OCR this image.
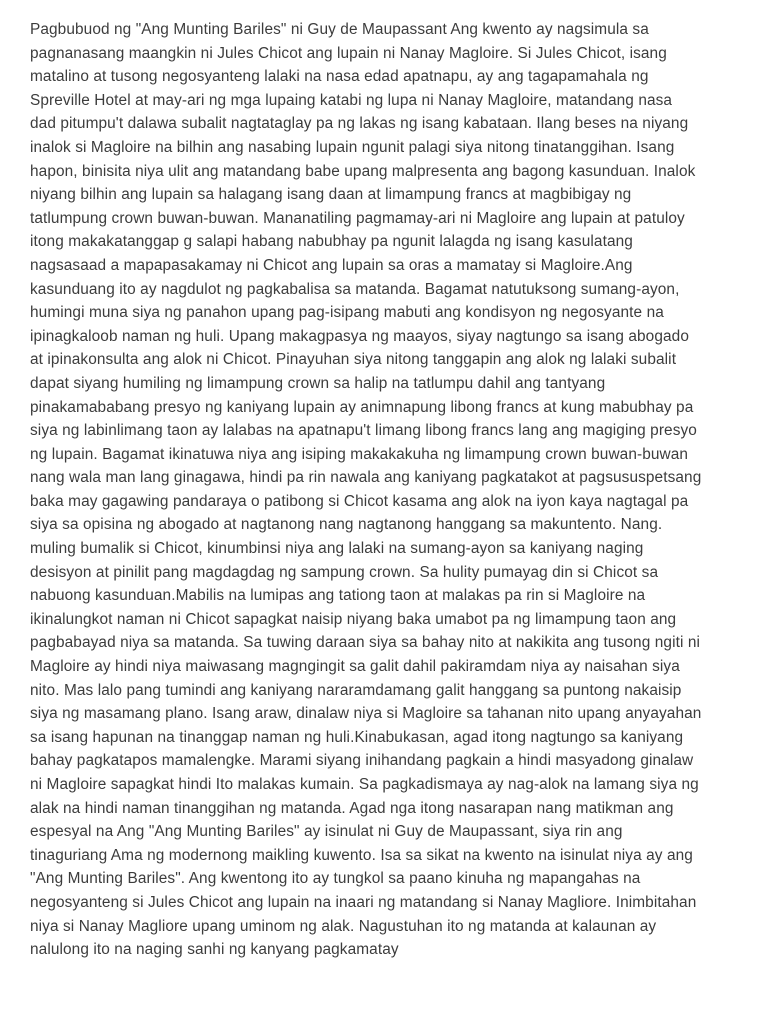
Pagbubuod ng "Ang Munting Bariles" ni Guy de Maupassant Ang kwento ay nagsimula sa
pagnanasang maangkin ni Jules Chicot ang lupain ni Nanay Magloire. Si Jules Chicot, isang
matalino at tusong negosyanteng lalaki na nasa edad apatnapu, ay ang tagapamahala ng
Spreville Hotel at may-ari ng mga lupaing katabi ng lupa ni Nanay Magloire, matandang nasa
dad pitumpu't dalawa subalit nagtataglay pa ng lakas ng isang kabataan. Ilang beses na niyang
inalok si Magloire na bilhin ang nasabing lupain ngunit palagi siya nitong tinatanggihan. Isang
hapon, binisita niya ulit ang matandang babe upang malpresenta ang bagong kasunduan. Inalok
niyang bilhin ang lupain sa halagang isang daan at limampung francs at magbibigay ng
tatlumpung crown buwan-buwan. Mananatiling pagmamay-ari ni Magloire ang lupain at patuloy
itong makakatanggap g salapi habang nabubhay pa ngunit lalagda ng isang kasulatang
nagsasaad a mapapasakamay ni Chicot ang lupain sa oras a mamatay si Magloire.Ang
kasunduang ito ay nagdulot ng pagkabalisa sa matanda. Bagamat natutuksong sumang-ayon,
humingi muna siya ng panahon upang pag-isipang mabuti ang kondisyon ng negosyante na
ipinagkaloob naman ng huli. Upang makagpasya ng maayos, siyay nagtungo sa isang abogado
at ipinakonsulta ang alok ni Chicot. Pinayuhan siya nitong tanggapin ang alok ng lalaki subalit
dapat siyang humiling ng limampung crown sa halip na tatlumpu dahil ang tantyang
pinakamababang presyo ng kaniyang lupain ay animnapung libong francs at kung mabubhay pa
siya ng labinlimang taon ay lalabas na apatnapu't limang libong francs lang ang magiging presyo
ng lupain. Bagamat ikinatuwa niya ang isiping makakakuha ng limampung crown buwan-buwan
nang wala man lang ginagawa, hindi pa rin nawala ang kaniyang pagkatakot at pagsususpetsang
baka may gagawing pandaraya o patibong si Chicot kasama ang alok na iyon kaya nagtagal pa
siya sa opisina ng abogado at nagtanong nang nagtanong hanggang sa makuntento. Nang.
muling bumalik si Chicot, kinumbinsi niya ang lalaki na sumang-ayon sa kaniyang naging
desisyon at pinilit pang magdagdag ng sampung crown. Sa hulity pumayag din si Chicot sa
nabuong kasunduan.Mabilis na lumipas ang tationg taon at malakas pa rin si Magloire na
ikinalungkot naman ni Chicot sapagkat naisip niyang baka umabot pa ng limampung taon ang
pagbabayad niya sa matanda. Sa tuwing daraan siya sa bahay nito at nakikita ang tusong ngiti ni
Magloire ay hindi niya maiwasang magngingit sa galit dahil pakiramdam niya ay naisahan siya
nito. Mas lalo pang tumindi ang kaniyang nararamdamang galit hanggang sa puntong nakaisip
siya ng masamang plano. Isang araw, dinalaw niya si Magloire sa tahanan nito upang anyayahan
sa isang hapunan na tinanggap naman ng huli.Kinabukasan, agad itong nagtungo sa kaniyang
bahay pagkatapos mamalengke. Marami siyang inihandang pagkain a hindi masyadong ginalaw
ni Magloire sapagkat hindi Ito malakas kumain. Sa pagkadismaya ay nag-alok na lamang siya ng
alak na hindi naman tinanggihan ng matanda. Agad nga itong nasarapan nang matikman ang
espesyal na Ang "Ang Munting Bariles" ay isinulat ni Guy de Maupassant, siya rin ang
tinaguriang Ama ng modernong maikling kuwento. Isa sa sikat na kwento na isinulat niya ay ang
"Ang Munting Bariles". Ang kwentong ito ay tungkol sa paano kinuha ng mapangahas na
negosyanteng si Jules Chicot ang lupain na inaari ng matandang si Nanay Magliore. Inimbitahan
niya si Nanay Magliore upang uminom ng alak. Nagustuhan ito ng matanda at kalaunan ay
nalulong ito na naging sanhi ng kanyang pagkamatay
